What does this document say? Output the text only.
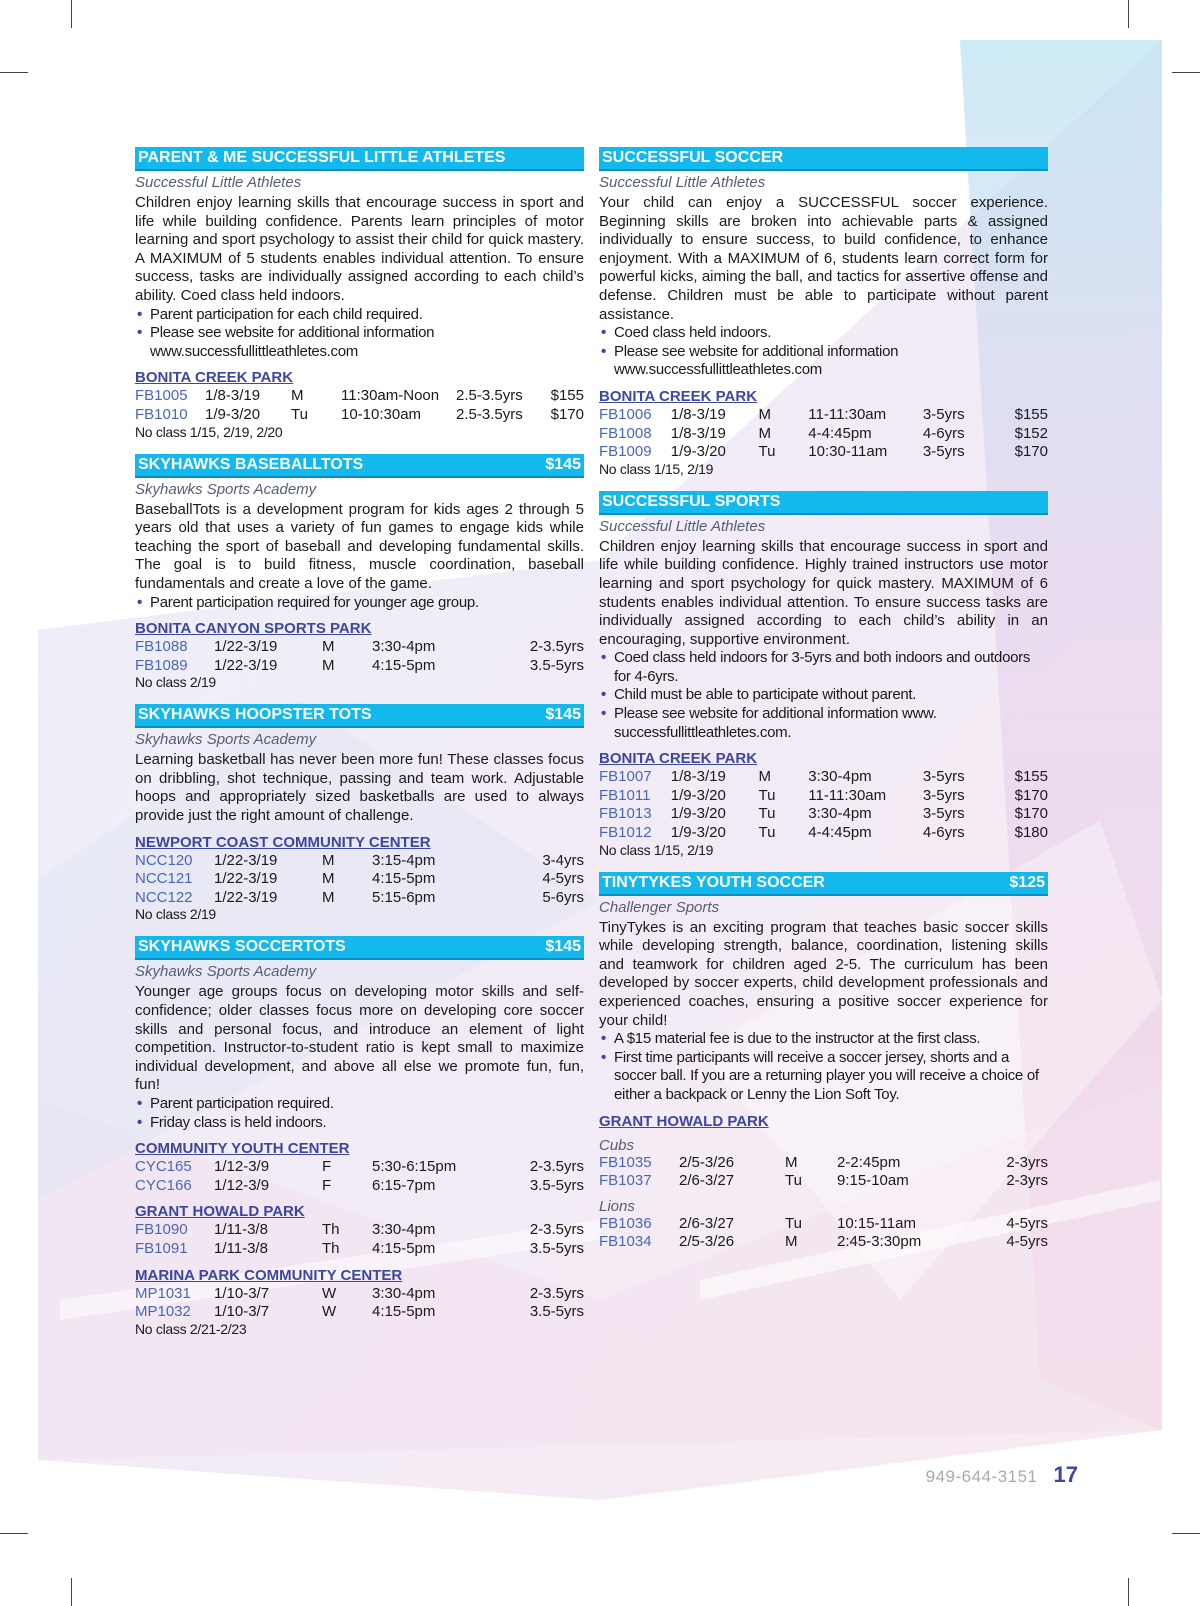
PARENT & ME SUCCESSFUL LITTLE ATHLETES
Successful Little Athletes

Children enjoy learning skills that encourage success in sport and life while building confidence. Parents learn principles of motor learning and sport psychology to assist their child for quick mastery. A MAXIMUM of 5 students enables individual attention. To ensure success, tasks are individually assigned according to each child’s ability. Coed class held indoors.

• Parent participation for each child required.
• Please see website for additional information www.successfullittleathletes.com
BONITA CREEK PARK
FB1005	1/8-3/19	M	11:30am-Noon	2.5-3.5yrs	$155
FB1010	1/9-3/20	Tu	10-10:30am	2.5-3.5yrs	$170
No class 1/15, 2/19, 2/20
SKYHAWKS BASEBALLTOTS	$145
Skyhawks Sports Academy

BaseballTots is a development program for kids ages 2 through 5 years old that uses a variety of fun games to engage kids while teaching the sport of baseball and developing fundamental skills. The goal is to build fitness, muscle coordination, baseball fundamentals and create a love of the game.

• Parent participation required for younger age group.
BONITA CANYON SPORTS PARK
FB1088	1/22-3/19	M	3:30-4pm	2-3.5yrs
FB1089	1/22-3/19	M	4:15-5pm	3.5-5yrs
No class 2/19
SKYHAWKS HOOPSTER TOTS	$145
Skyhawks Sports Academy

Learning basketball has never been more fun! These classes focus on dribbling, shot technique, passing and team work. Adjustable hoops and appropriately sized basketballs are used to always provide just the right amount of challenge.

NEWPORT COAST COMMUNITY CENTER
NCC120	1/22-3/19	M	3:15-4pm	3-4yrs
NCC121	1/22-3/19	M	4:15-5pm	4-5yrs
NCC122	1/22-3/19	M	5:15-6pm	5-6yrs
No class 2/19
SKYHAWKS SOCCERTOTS	$145
Skyhawks Sports Academy

Younger age groups focus on developing motor skills and self-confidence; older classes focus more on developing core soccer skills and personal focus, and introduce an element of light competition. Instructor-to-student ratio is kept small to maximize individual development, and above all else we promote fun, fun, fun!

• Parent participation required.
• Friday class is held indoors.
COMMUNITY YOUTH CENTER
CYC165	1/12-3/9	F	5:30-6:15pm	2-3.5yrs
CYC166	1/12-3/9	F	6:15-7pm	3.5-5yrs
GRANT HOWALD PARK
FB1090	1/11-3/8	Th	3:30-4pm	2-3.5yrs
FB1091	1/11-3/8	Th	4:15-5pm	3.5-5yrs
MARINA PARK COMMUNITY CENTER
MP1031	1/10-3/7	W	3:30-4pm	2-3.5yrs
MP1032	1/10-3/7	W	4:15-5pm	3.5-5yrs
No class 2/21-2/23
SUCCESSFUL SOCCER
Successful Little Athletes

Your child can enjoy a SUCCESSFUL soccer experience. Beginning skills are broken into achievable parts & assigned individually to ensure success, to build confidence, to enhance enjoyment. With a MAXIMUM of 6, students learn correct form for powerful kicks, aiming the ball, and tactics for assertive offense and defense. Children must be able to participate without parent assistance.

• Coed class held indoors.
• Please see website for additional information www.successfullittleathletes.com
BONITA CREEK PARK
FB1006	1/8-3/19	M	11-11:30am	3-5yrs	$155
FB1008	1/8-3/19	M	4-4:45pm	4-6yrs	$152
FB1009	1/9-3/20	Tu	10:30-11am	3-5yrs	$170
No class 1/15, 2/19
SUCCESSFUL SPORTS
Successful Little Athletes

Children enjoy learning skills that encourage success in sport and life while building confidence. Highly trained instructors use motor learning and sport psychology for quick mastery. MAXIMUM of 6 students enables individual attention. To ensure success tasks are individually assigned according to each child’s ability in an encouraging, supportive environment.

• Coed class held indoors for 3-5yrs and both indoors and outdoors for 4-6yrs.
• Child must be able to participate without parent.
• Please see website for additional information www. successfullittleathletes.com.
BONITA CREEK PARK
FB1007	1/8-3/19	M	3:30-4pm	3-5yrs	$155
FB1011	1/9-3/20	Tu	11-11:30am	3-5yrs	$170
FB1013	1/9-3/20	Tu	3:30-4pm	3-5yrs	$170
FB1012	1/9-3/20	Tu	4-4:45pm	4-6yrs	$180
No class 1/15, 2/19
TINYTYKES YOUTH SOCCER	$125
Challenger Sports

TinyTykes is an exciting program that teaches basic soccer skills while developing strength, balance, coordination, listening skills and teamwork for children aged 2-5. The curriculum has been developed by soccer experts, child development professionals and experienced coaches, ensuring a positive soccer experience for your child!

• A $15 material fee is due to the instructor at the first class.
• First time participants will receive a soccer jersey, shorts and a soccer ball. If you are a returning player you will receive a choice of either a backpack or Lenny the Lion Soft Toy.
GRANT HOWALD PARK
Cubs
FB1035	2/5-3/26	M	2-2:45pm	2-3yrs
FB1037	2/6-3/27	Tu	9:15-10am	2-3yrs
Lions
FB1036	2/6-3/27	Tu	10:15-11am	4-5yrs
FB1034	2/5-3/26	M	2:45-3:30pm	4-5yrs
949-644-3151 17
